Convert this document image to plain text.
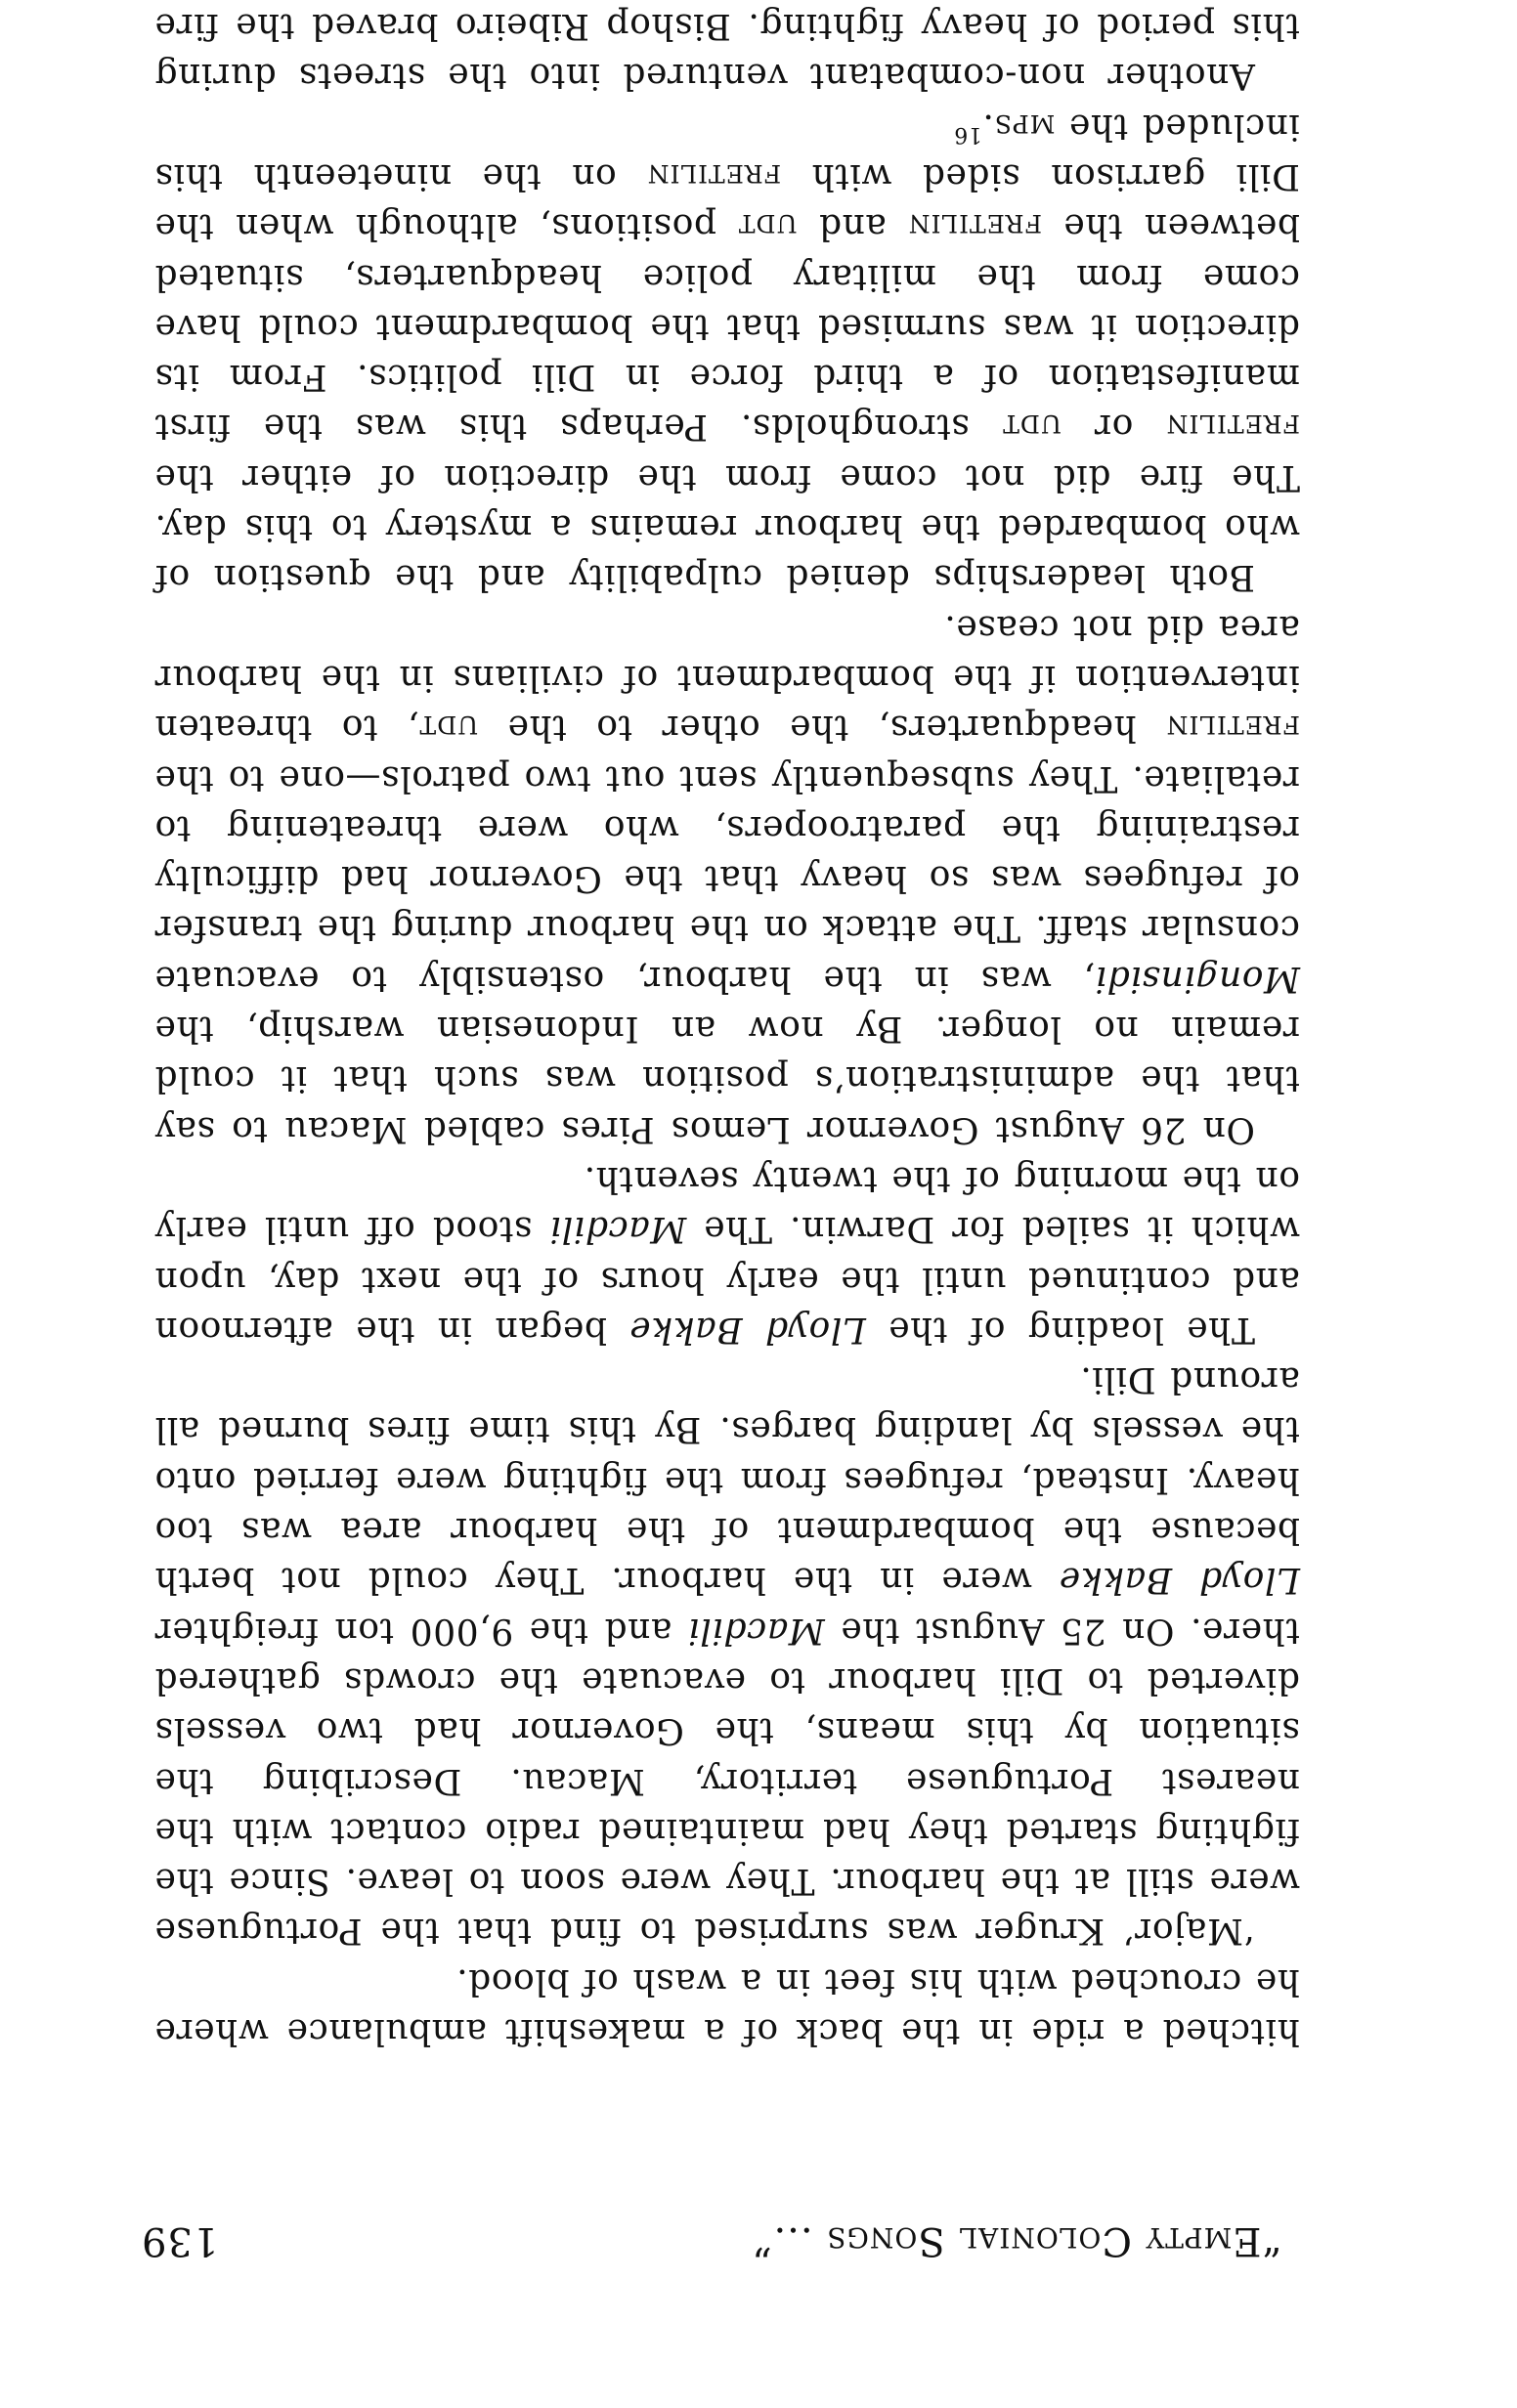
“Empty Colonial Songs ...”
139

hitched a ride in the back of a makeshift ambulance where he crouched with his feet in a wash of blood.

‘Major’ Kruger was surprised to find that the Portuguese were still at the harbour. They were soon to leave. Since the fighting started they had maintained radio contact with the nearest Portuguese territory, Macau. Describing the situation by this means, the Governor had two vessels diverted to Dili harbour to evacuate the crowds gathered there. On 25 August the Macdili and the 9,000 ton freighter Lloyd Bakke were in the harbour. They could not berth because the bombardment of the harbour area was too heavy. Instead, refugees from the fighting were ferried onto the vessels by landing barges. By this time fires burned all around Dili.

The loading of the Lloyd Bakke began in the afternoon and continued until the early hours of the next day, upon which it sailed for Darwin. The Macdili stood off until early on the morning of the twenty seventh.

On 26 August Governor Lemos Pires cabled Macau to say that the administration’s position was such that it could remain no longer. By now an Indonesian warship, the Monginsidi, was in the harbour, ostensibly to evacuate consular staff. The attack on the harbour during the transfer of refugees was so heavy that the Governor had difficulty restraining the paratroopers, who were threatening to retaliate. They subsequently sent out two patrols—one to the fretilin headquarters, the other to the udt, to threaten intervention if the bombardment of civilians in the harbour area did not cease.

Both leaderships denied culpability and the question of who bombarded the harbour remains a mystery to this day. The fire did not come from the direction of either the fretilin or udt strongholds. Perhaps this was the first manifestation of a third force in Dili politics. From its direction it was surmised that the bombardment could have come from the military police headquarters, situated between the fretilin and udt positions, although when the Dili garrison sided with fretilin on the nineteenth this included the mps.$^{16}$

Another non-combatant ventured into the streets during this period of heavy fighting. Bishop Ribeiro braved the fire
